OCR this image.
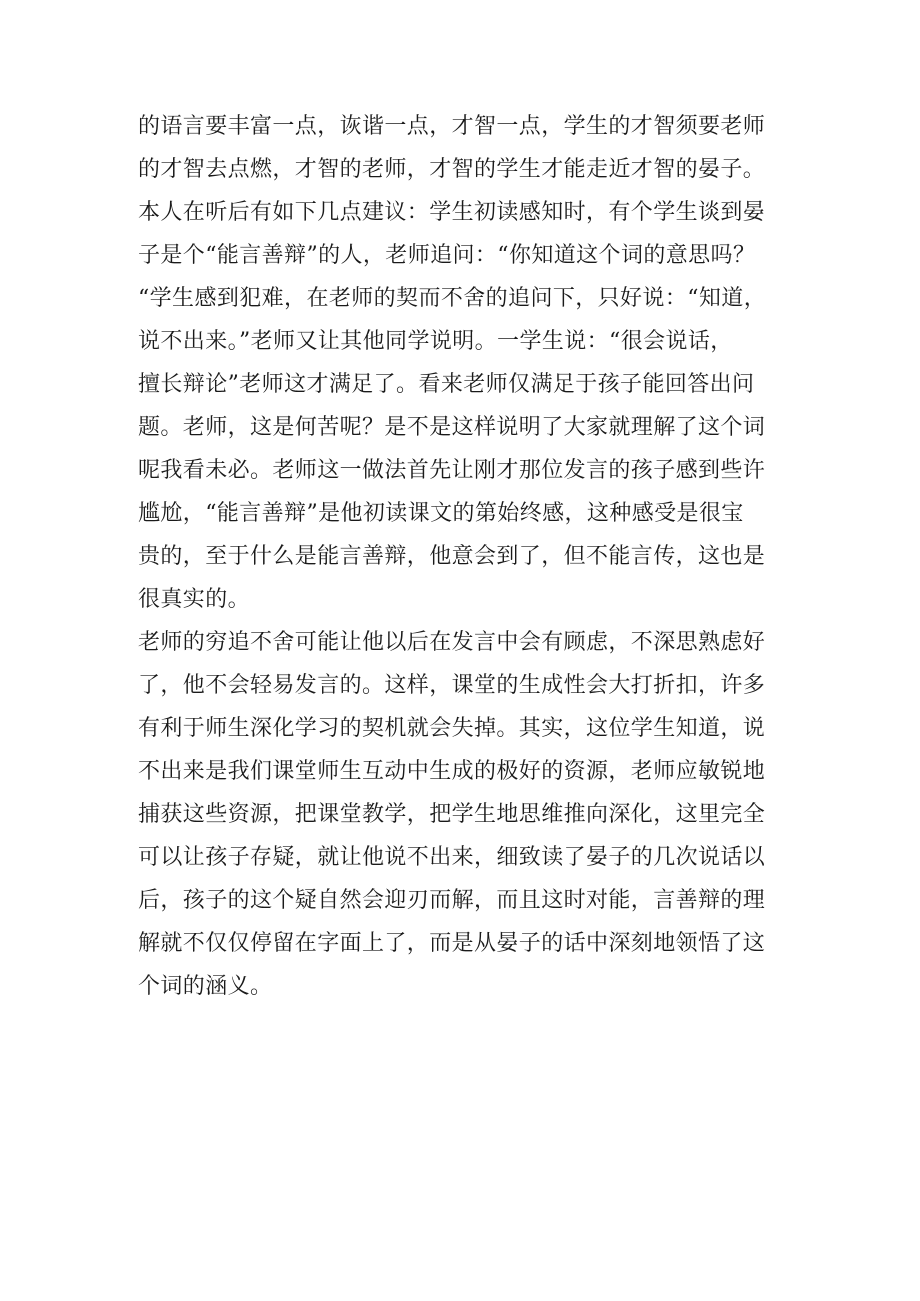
的语言要丰富一点，诙谐一点，才智一点，学生的才智须要老师
的才智去点燃，才智的老师，才智的学生才能走近才智的晏子。
本人在听后有如下几点建议：学生初读感知时，有个学生谈到晏
子是个“能言善辩”的人，老师追问：“你知道这个词的意思吗？
“学生感到犯难，在老师的契而不舍的追问下，只好说：“知道，
说不出来。”老师又让其他同学说明。一学生说：“很会说话，
擅长辩论”老师这才满足了。看来老师仅满足于孩子能回答出问
题。老师，这是何苦呢？是不是这样说明了大家就理解了这个词
呢我看未必。老师这一做法首先让刚才那位发言的孩子感到些许
尴尬，“能言善辩”是他初读课文的第始终感，这种感受是很宝
贵的，至于什么是能言善辩，他意会到了，但不能言传，这也是
很真实的。
老师的穷追不舍可能让他以后在发言中会有顾虑，不深思熟虑好
了，他不会轻易发言的。这样，课堂的生成性会大打折扣，许多
有利于师生深化学习的契机就会失掉。其实，这位学生知道，说
不出来是我们课堂师生互动中生成的极好的资源，老师应敏锐地
捕获这些资源，把课堂教学，把学生地思维推向深化，这里完全
可以让孩子存疑，就让他说不出来，细致读了晏子的几次说话以
后，孩子的这个疑自然会迎刃而解，而且这时对能，言善辩的理
解就不仅仅停留在字面上了，而是从晏子的话中深刻地领悟了这
个词的涵义。
